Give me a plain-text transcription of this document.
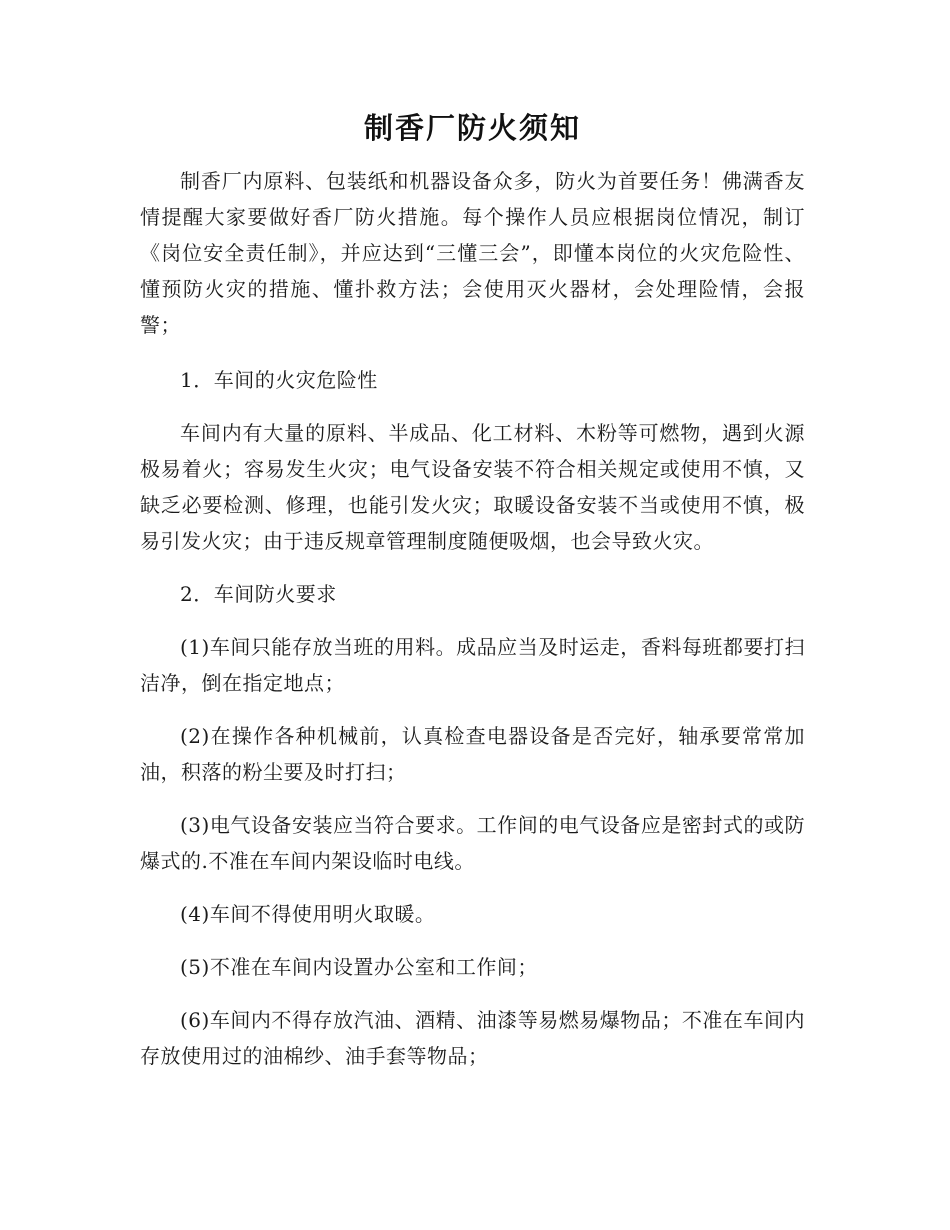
制香厂防火须知

制香厂内原料、包装纸和机器设备众多，防火为首要任务！佛满香友情提醒大家要做好香厂防火措施。每个操作人员应根据岗位情况，制订《岗位安全责任制》，并应达到“三懂三会”，即懂本岗位的火灾危险性、懂预防火灾的措施、懂扑救方法；会使用灭火器材，会处理险情，会报警；

1．车间的火灾危险性

车间内有大量的原料、半成品、化工材料、木粉等可燃物，遇到火源极易着火；容易发生火灾；电气设备安装不符合相关规定或使用不慎，又缺乏必要检测、修理，也能引发火灾；取暖设备安装不当或使用不慎，极易引发火灾；由于违反规章管理制度随便吸烟，也会导致火灾。

2．车间防火要求

(1)车间只能存放当班的用料。成品应当及时运走，香料每班都要打扫洁净，倒在指定地点；

(2)在操作各种机械前，认真检查电器设备是否完好，轴承要常常加油，积落的粉尘要及时打扫；

(3)电气设备安装应当符合要求。工作间的电气设备应是密封式的或防爆式的.不准在车间内架设临时电线。

(4)车间不得使用明火取暖。

(5)不准在车间内设置办公室和工作间；

(6)车间内不得存放汽油、酒精、油漆等易燃易爆物品；不准在车间内存放使用过的油棉纱、油手套等物品；
